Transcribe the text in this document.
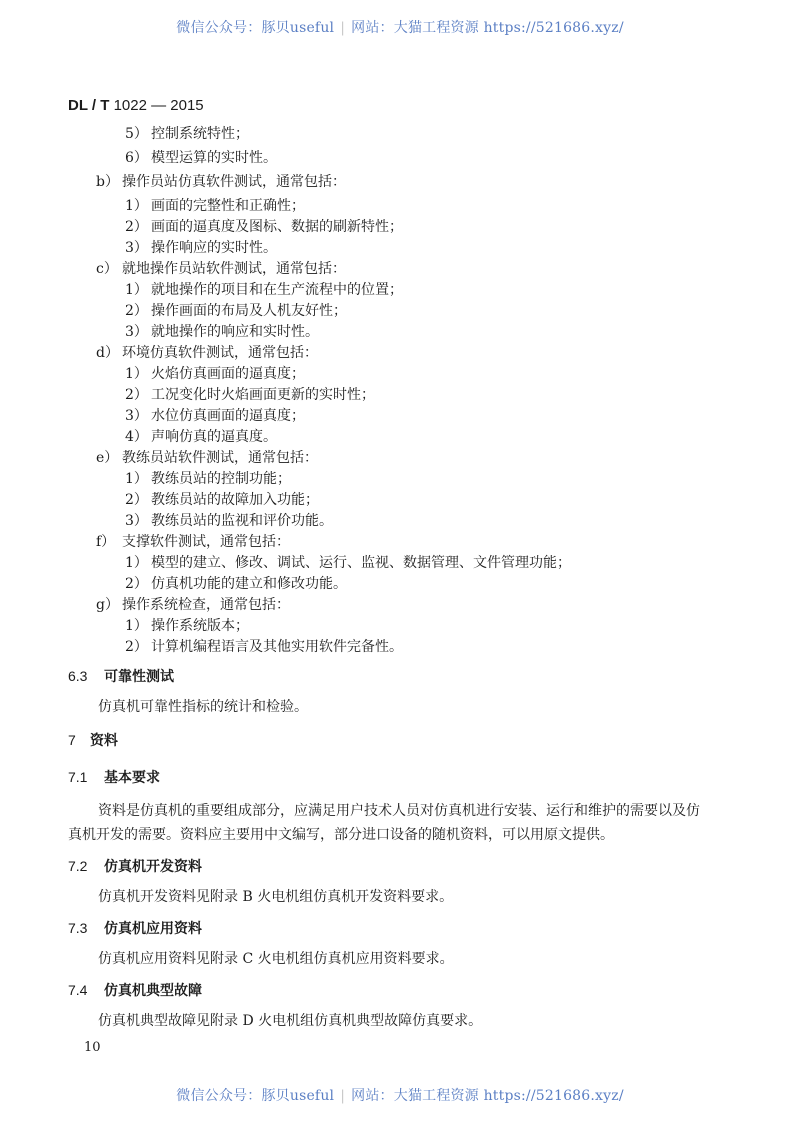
微信公众号：豚贝useful | 网站：大猫工程资源 https://521686.xyz/
DL / T 1022 — 2015
5） 控制系统特性；
6） 模型运算的实时性。
b） 操作员站仿真软件测试，通常包括：
1） 画面的完整性和正确性；
2） 画面的逼真度及图标、数据的刷新特性；
3） 操作响应的实时性。
c） 就地操作员站软件测试，通常包括：
1） 就地操作的项目和在生产流程中的位置；
2） 操作画面的布局及人机友好性；
3） 就地操作的响应和实时性。
d） 环境仿真软件测试，通常包括：
1） 火焰仿真画面的逼真度；
2） 工况变化时火焰画面更新的实时性；
3） 水位仿真画面的逼真度；
4） 声响仿真的逼真度。
e） 教练员站软件测试，通常包括：
1） 教练员站的控制功能；
2） 教练员站的故障加入功能；
3） 教练员站的监视和评价功能。
f） 支撑软件测试，通常包括：
1） 模型的建立、修改、调试、运行、监视、数据管理、文件管理功能；
2） 仿真机功能的建立和修改功能。
g） 操作系统检查，通常包括：
1） 操作系统版本；
2） 计算机编程语言及其他实用软件完备性。
6.3 可靠性测试
仿真机可靠性指标的统计和检验。
7 资料
7.1 基本要求
资料是仿真机的重要组成部分，应满足用户技术人员对仿真机进行安装、运行和维护的需要以及仿
真机开发的需要。资料应主要用中文编写，部分进口设备的随机资料，可以用原文提供。
7.2 仿真机开发资料
仿真机开发资料见附录 B 火电机组仿真机开发资料要求。
7.3 仿真机应用资料
仿真机应用资料见附录 C 火电机组仿真机应用资料要求。
7.4 仿真机典型故障
仿真机典型故障见附录 D 火电机组仿真机典型故障仿真要求。
10
微信公众号：豚贝useful | 网站：大猫工程资源 https://521686.xyz/
